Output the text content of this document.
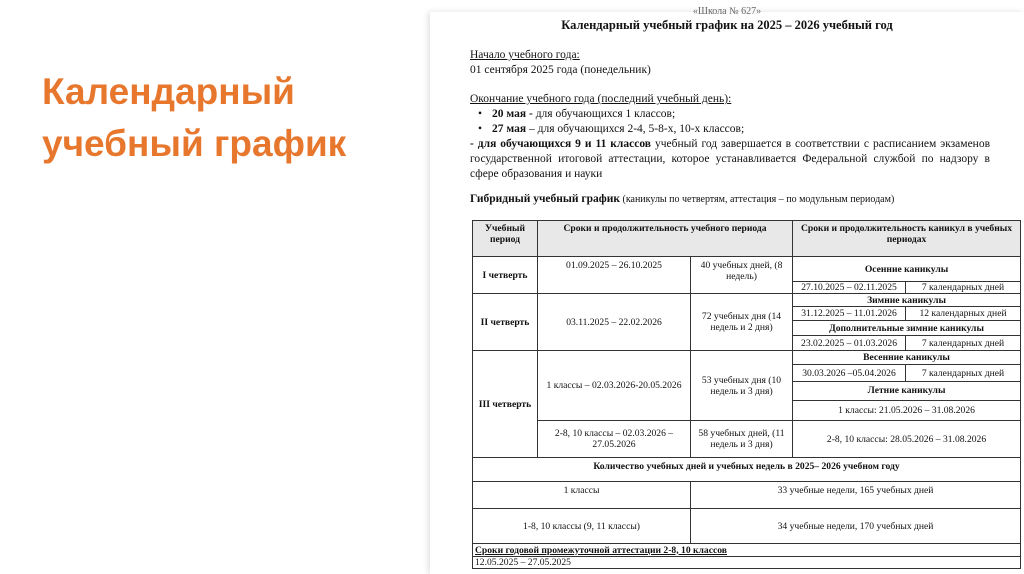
Календарный
учебный график
«Школа № 627»
Календарный учебный график на 2025 – 2026 учебный год
Начало учебного года:
01 сентября 2025 года (понедельник)
Окончание учебного года (последний учебный день):
• 20 мая - для обучающихся 1 классов;
• 27 мая – для обучающихся 2-4, 5-8-х, 10-х классов;
- для обучающихся 9 и 11 классов учебный год завершается в соответствии с расписанием экзаменов государственной итоговой аттестации, которое устанавливается Федеральной службой по надзору в сфере образования и науки
Гибридный учебный график (каникулы по четвертям, аттестация – по модульным периодам)
Учебный период	Сроки и продолжительность учебного периода		Сроки и продолжительность каникул в учебных периодах	
I четверть	01.09.2025 – 26.10.2025	40 учебных дней, (8 недель)	Осенние каникулы	
			27.10.2025 – 02.11.2025	7 календарных дней
II четверть	03.11.2025 – 22.02.2026	72 учебных дня (14 недель и 2 дня)	Зимние каникулы	
			31.12.2025 – 11.01.2026	12 календарных дней
			Дополнительные зимние каникулы	
			23.02.2025 – 01.03.2026	7 календарных дней
III четверть	1 классы – 02.03.2026-20.05.2026	53 учебных дня (10 недель и 3 дня)	Весенние каникулы	
			30.03.2026 –05.04.2026	7 календарных дней
			Летние каникулы	
			1 классы: 21.05.2026 – 31.08.2026	
	2-8, 10 классы – 02.03.2026 – 27.05.2026	58 учебных дней, (11 недель и 3 дня)	2-8, 10 классы: 28.05.2026 – 31.08.2026	
Количество учебных дней и учебных недель в 2025– 2026 учебном году				
1 классы		33 учебные недели, 165 учебных дней		
1-8, 10 классы (9, 11 классы)		34 учебные недели, 170 учебных дней		
Сроки годовой промежуточной аттестации 2-8, 10 классов				
12.05.2025 – 27.05.2025				
